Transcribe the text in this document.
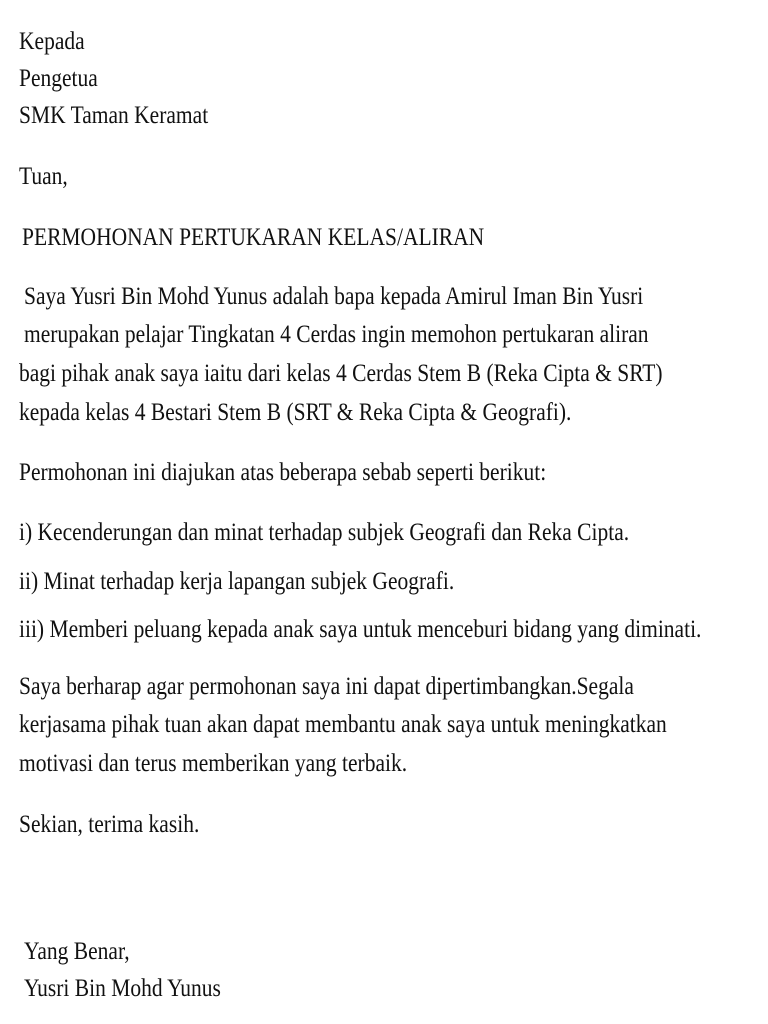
Kepada
Pengetua
SMK Taman Keramat
Tuan,
PERMOHONAN PERTUKARAN KELAS/ALIRAN
Saya Yusri Bin Mohd Yunus adalah bapa kepada Amirul Iman Bin Yusri
merupakan pelajar Tingkatan 4 Cerdas ingin memohon pertukaran aliran
bagi pihak anak saya iaitu dari kelas 4 Cerdas Stem B (Reka Cipta & SRT)
kepada kelas 4 Bestari Stem B (SRT & Reka Cipta & Geografi).
Permohonan ini diajukan atas beberapa sebab seperti berikut:
i) Kecenderungan dan minat terhadap subjek Geografi dan Reka Cipta.
ii) Minat terhadap kerja lapangan subjek Geografi.
iii) Memberi peluang kepada anak saya untuk menceburi bidang yang diminati.
Saya berharap agar permohonan saya ini dapat dipertimbangkan.Segala
kerjasama pihak tuan akan dapat membantu anak saya untuk meningkatkan
motivasi dan terus memberikan yang terbaik.
Sekian, terima kasih.
Yang Benar,
Yusri Bin Mohd Yunus
